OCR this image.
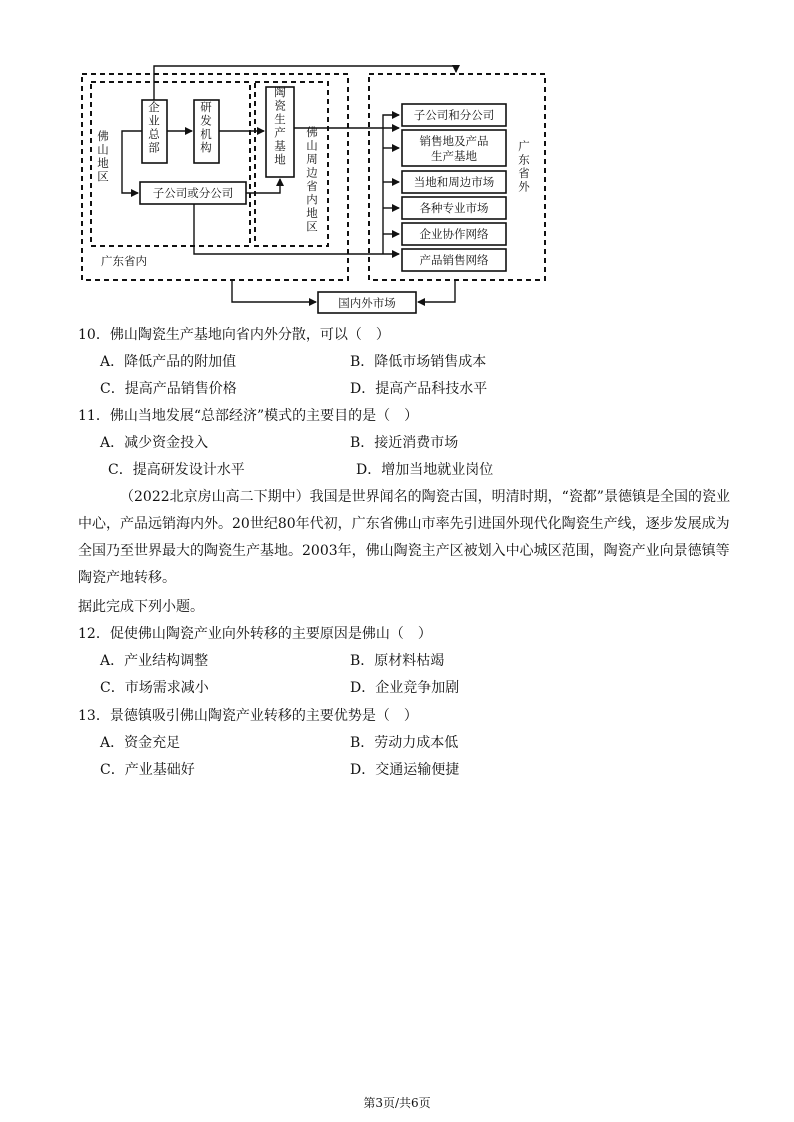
佛山地区
广东省内
佛山周边省内地区
广东省外
企业总部
研发机构
陶瓷生产基地
子公司或分公司
子公司和分公司
销售地及产品生产基地
当地和周边市场
各种专业市场
企业协作网络
产品销售网络
国内外市场
10．佛山陶瓷生产基地向省内外分散，可以（　）
A．降低产品的附加值	B．降低市场销售成本
C．提高产品销售价格	D．提高产品科技水平
11．佛山当地发展“总部经济”模式的主要目的是（　）
A．减少资金投入	B．接近消费市场
C．提高研发设计水平	D．增加当地就业岗位

（2022北京房山高二下期中）我国是世界闻名的陶瓷古国，明清时期，“瓷都”景德镇是全国的瓷业

中心，产品远销海内外。20世纪80年代初，广东省佛山市率先引进国外现代化陶瓷生产线，逐步发展成为

全国乃至世界最大的陶瓷生产基地。2003年，佛山陶瓷主产区被划入中心城区范围，陶瓷产业向景德镇等

陶瓷产地转移。

据此完成下列小题。
12．促使佛山陶瓷产业向外转移的主要原因是佛山（　）
A．产业结构调整	B．原材料枯竭
C．市场需求减小	D．企业竞争加剧
13．景德镇吸引佛山陶瓷产业转移的主要优势是（　）
A．资金充足	B．劳动力成本低
C．产业基础好	D．交通运输便捷
第3页/共6页
